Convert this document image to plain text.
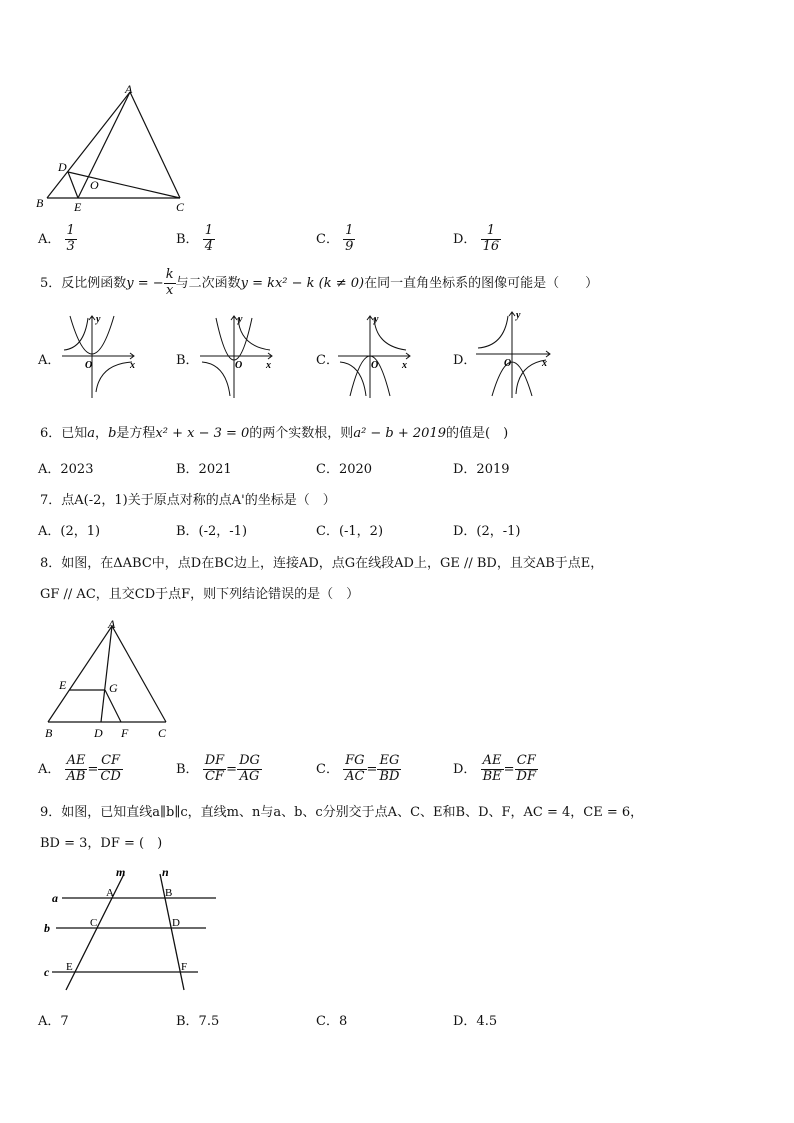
A
D
O
B	E	C
A． $\frac{1}{3}$	B． $\frac{1}{4}$	C． $\frac{1}{9}$	D． $\frac{1}{16}$
5．反比例函数y = − $\frac{k}{x}$ 与二次函数y = kx² − k (k ≠ 0)在同一直角坐标系的图像可能是（　　）
A．
y
O	x	B．
y
O x	C．
y
O x	D．
y
O	x
6．已知a，b是方程x² + x − 3 = 0的两个实数根，则a² − b + 2019的值是(　)
A．2023	B．2021	C．2020	D．2019
7．点A(-2，1)关于原点对称的点A'的坐标是（　）
A．(2，1)	B．(-2，-1)	C．(-1，2)	D．(2，-1)
8．如图，在ΔABC中，点D在BC边上，连接AD，点G在线段AD上，GE // BD，且交AB于点E，
GF // AC，且交CD于点F，则下列结论错误的是（　）
A
E	G
B	D F C
A． $\frac{AE}{AB} = \frac{CF}{CD}$	B． $\frac{DF}{CF} = \frac{DG}{AG}$	C． $\frac{FG}{AC} = \frac{EG}{BD}$	D． $\frac{AE}{BE} = \frac{CF}{DF}$
9．如图，已知直线a∥b∥c，直线m、n与a、b、c分别交于点A、C、E和B、D、F，AC = 4，CE = 6，
BD = 3，DF = (　)
m	n
a
b
c
A	B
C	D
E	F
A．7	B．7.5	C．8	D．4.5
